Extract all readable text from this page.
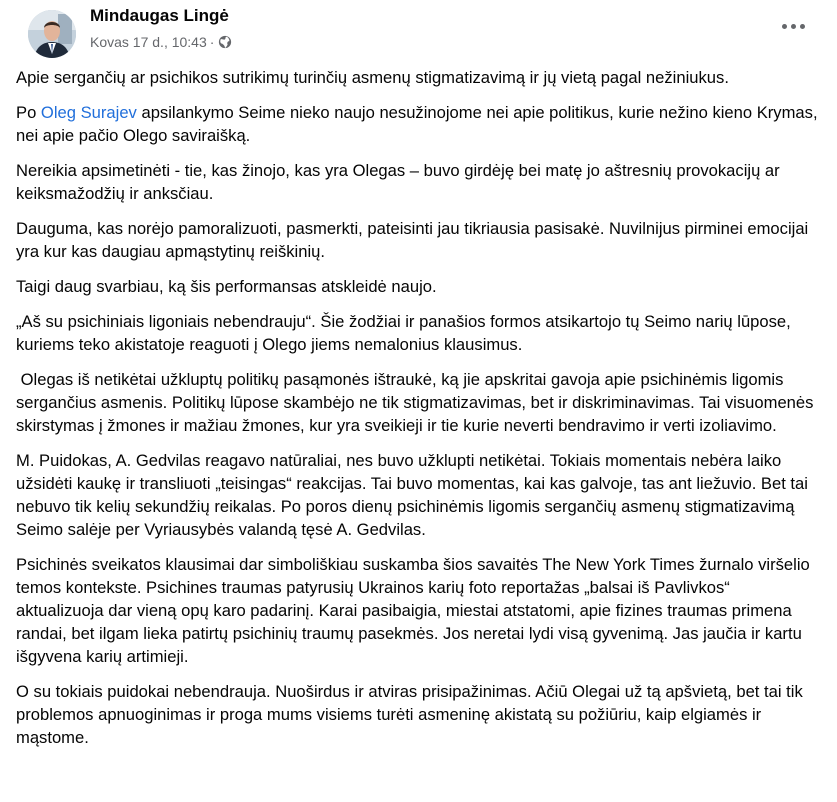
Mindaugas Lingė
Kovas 17 d., 10:43 ·

Apie sergančių ar psichikos sutrikimų turinčių asmenų stigmatizavimą ir jų vietą pagal nežiniukus.

Po Oleg Surajev apsilankymo Seime nieko naujo nesužinojome nei apie politikus, kurie nežino kieno Krymas, nei apie pačio Olego saviraišką.

Nereikia apsimetinėti - tie, kas žinojo, kas yra Olegas – buvo girdėję bei matę jo aštresnių provokacijų ar keiksmažodžių ir anksčiau.

Dauguma, kas norėjo pamoralizuoti, pasmerkti, pateisinti jau tikriausia pasisakė. Nuvilnijus pirminei emocijai yra kur kas daugiau apmąstytinų reiškinių.

Taigi daug svarbiau, ką šis performansas atskleidė naujo.

„Aš su psichiniais ligoniais nebendrauju“. Šie žodžiai ir panašios formos atsikartojo tų Seimo narių lūpose, kuriems teko akistatoje reaguoti į Olego jiems nemalonius klausimus.

Olegas iš netikėtai užkluptų politikų pasąmonės ištraukė, ką jie apskritai gavoja apie psichinėmis ligomis sergančius asmenis. Politikų lūpose skambėjo ne tik stigmatizavimas, bet ir diskriminavimas. Tai visuomenės skirstymas į žmones ir mažiau žmones, kur yra sveikieji ir tie kurie neverti bendravimo ir verti izoliavimo.

M. Puidokas, A. Gedvilas reagavo natūraliai, nes buvo užklupti netikėtai. Tokiais momentais nebėra laiko užsidėti kaukę ir transliuoti „teisingas“ reakcijas. Tai buvo momentas, kai kas galvoje, tas ant liežuvio. Bet tai nebuvo tik kelių sekundžių reikalas. Po poros dienų psichinėmis ligomis sergančių asmenų stigmatizavimą Seimo salėje per Vyriausybės valandą tęsė A. Gedvilas.

Psichinės sveikatos klausimai dar simboliškiau suskamba šios savaitės The New York Times žurnalo viršelio temos kontekste. Psichines traumas patyrusių Ukrainos karių foto reportažas „balsai iš Pavlivkos“ aktualizuoja dar vieną opų karo padarinį. Karai pasibaigia, miestai atstatomi, apie fizines traumas primena randai, bet ilgam lieka patirtų psichinių traumų pasekmės. Jos neretai lydi visą gyvenimą. Jas jaučia ir kartu išgyvena karių artimieji.

O su tokiais puidokai nebendrauja. Nuoširdus ir atviras prisipažinimas. Ačiū Olegai už tą apšvietą, bet tai tik problemos apnuoginimas ir proga mums visiems turėti asmeninę akistatą su požiūriu, kaip elgiamės ir mąstome.
